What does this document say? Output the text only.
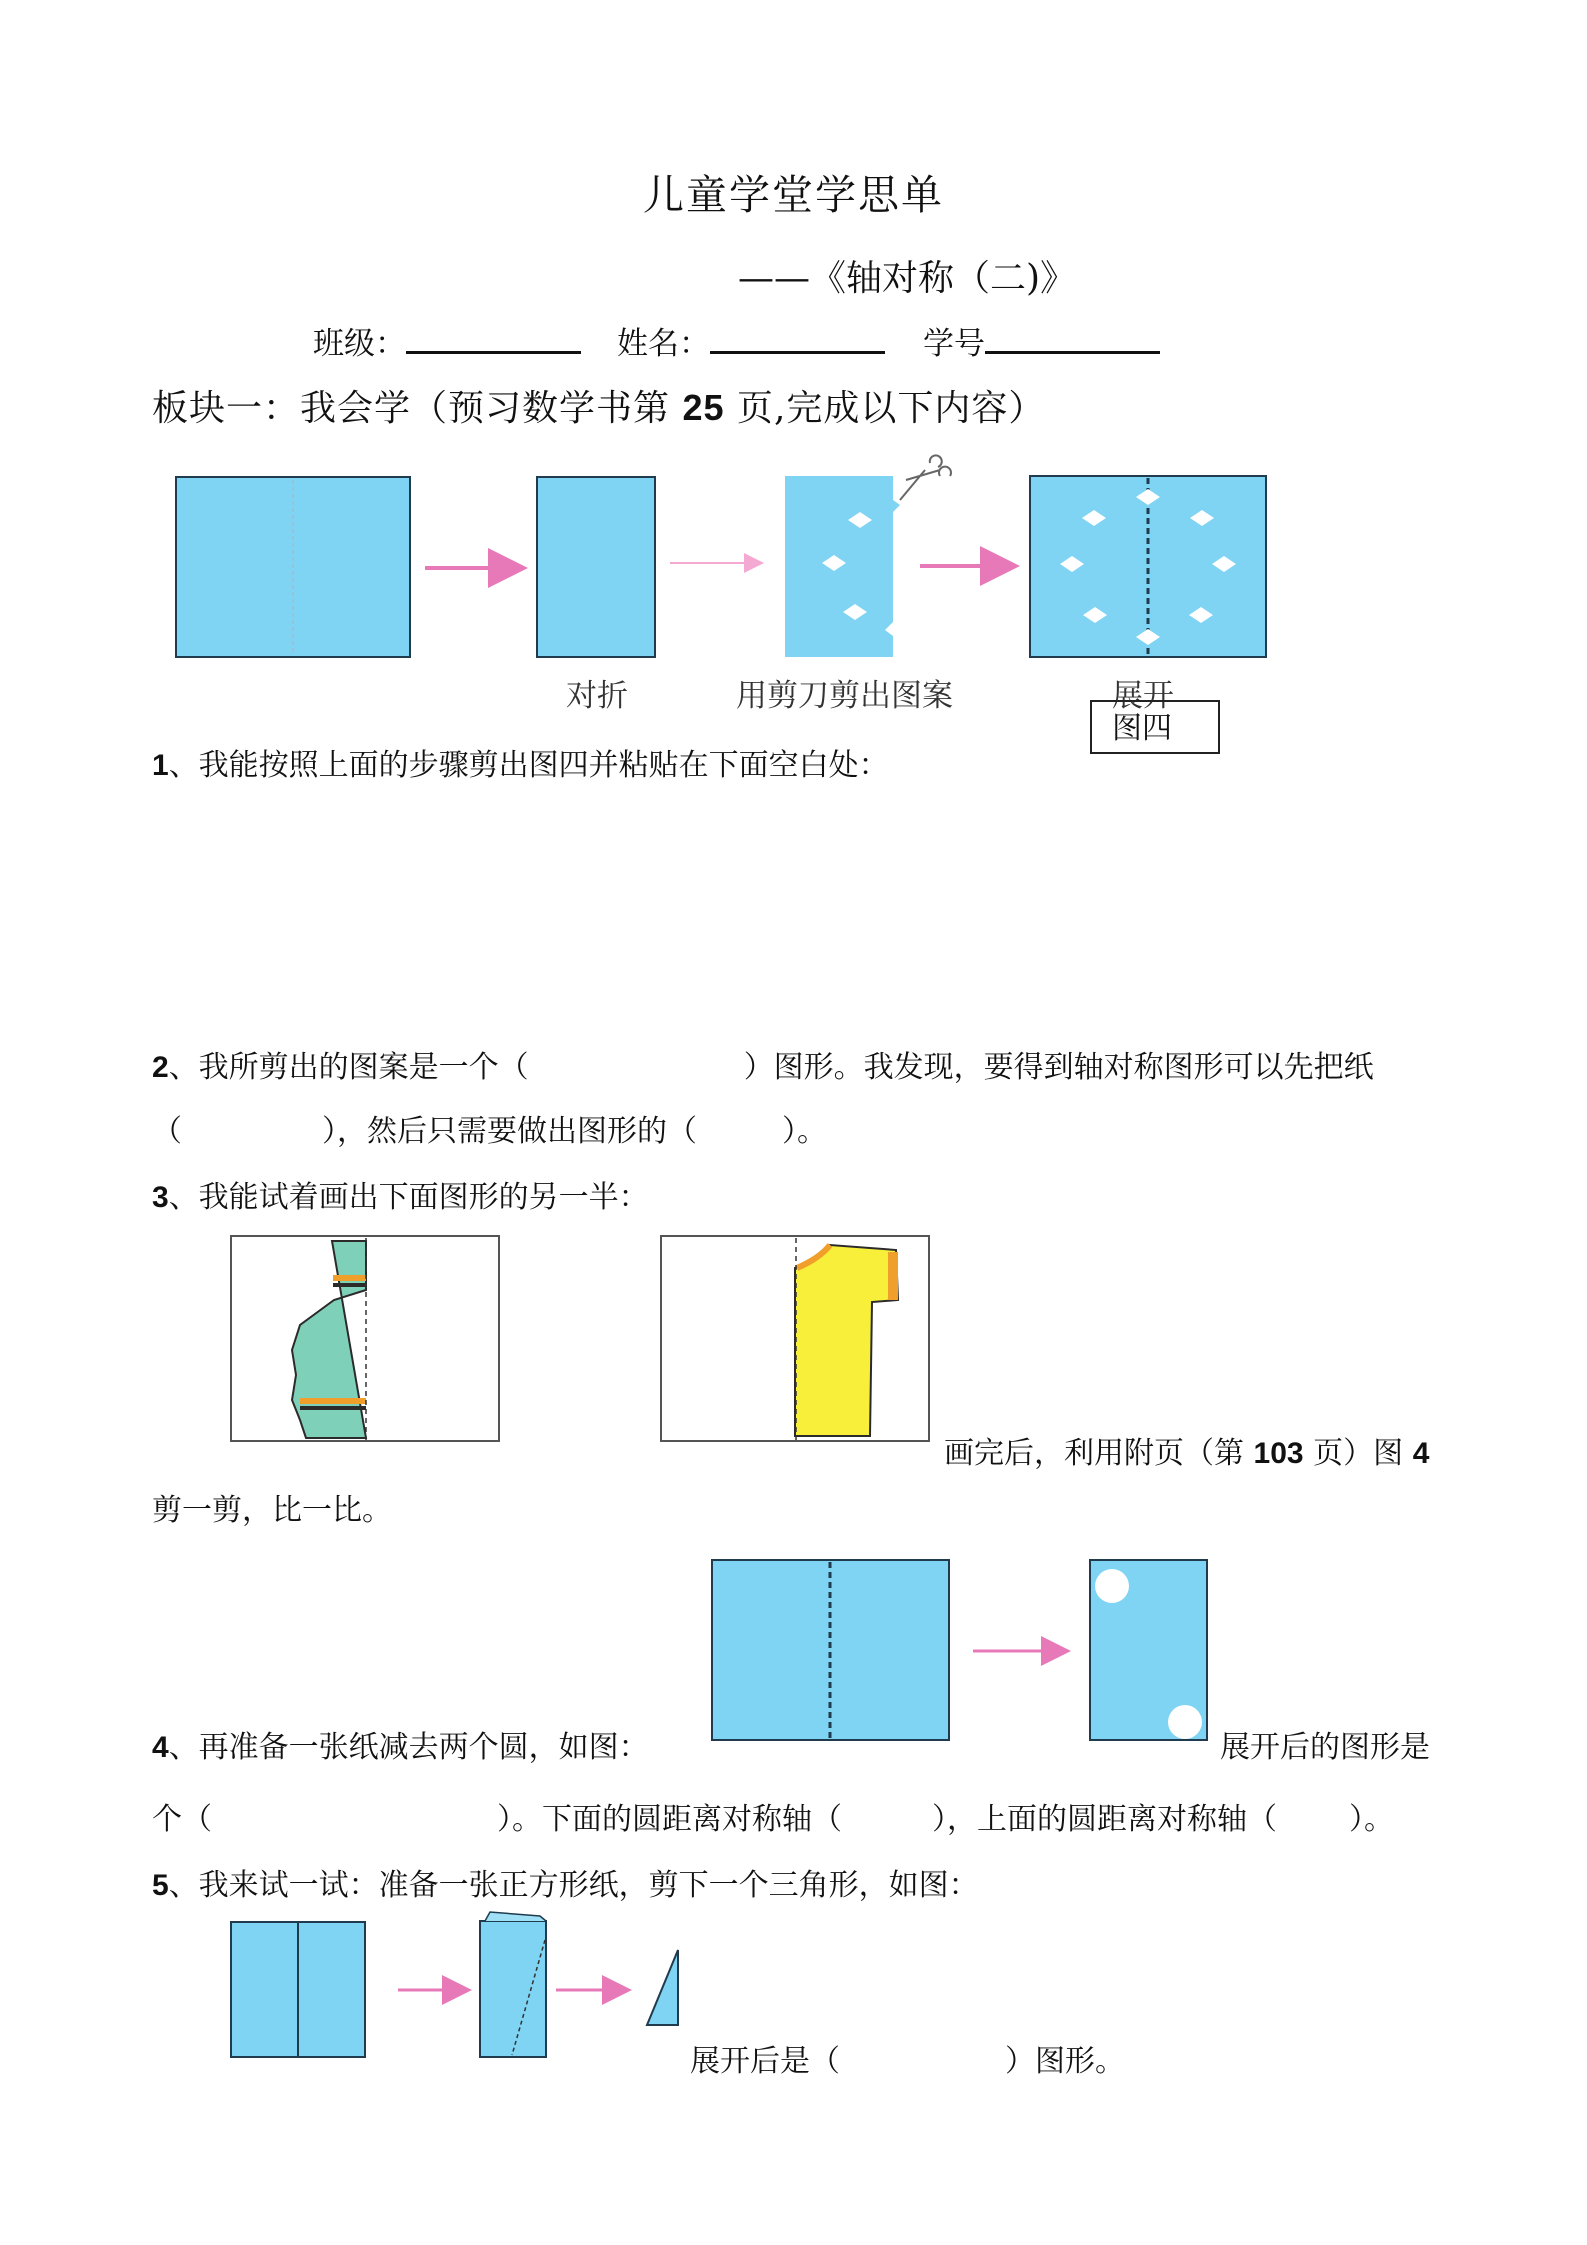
儿童学堂学思单
——《轴对称（二)》
班级：	姓名：	学号
板块一：我会学（预习数学书第 25 页,完成以下内容）
对折	用剪刀剪出图案	展开
图四
1、我能按照上面的步骤剪出图四并粘贴在下面空白处：
2、我所剪出的图案是一个（	）图形。我发现，要得到轴对称图形可以先把纸
（	），然后只需要做出图形的（	）。
3、我能试着画出下面图形的另一半：
画完后，利用附页（第 103 页）图 4
剪一剪，比一比。
4、再准备一张纸减去两个圆，如图：	展开后的图形是
个（	）。下面的圆距离对称轴（	），上面的圆距离对称轴（ ）。
5、我来试一试：准备一张正方形纸，剪下一个三角形，如图：
展开后是（	）图形。
